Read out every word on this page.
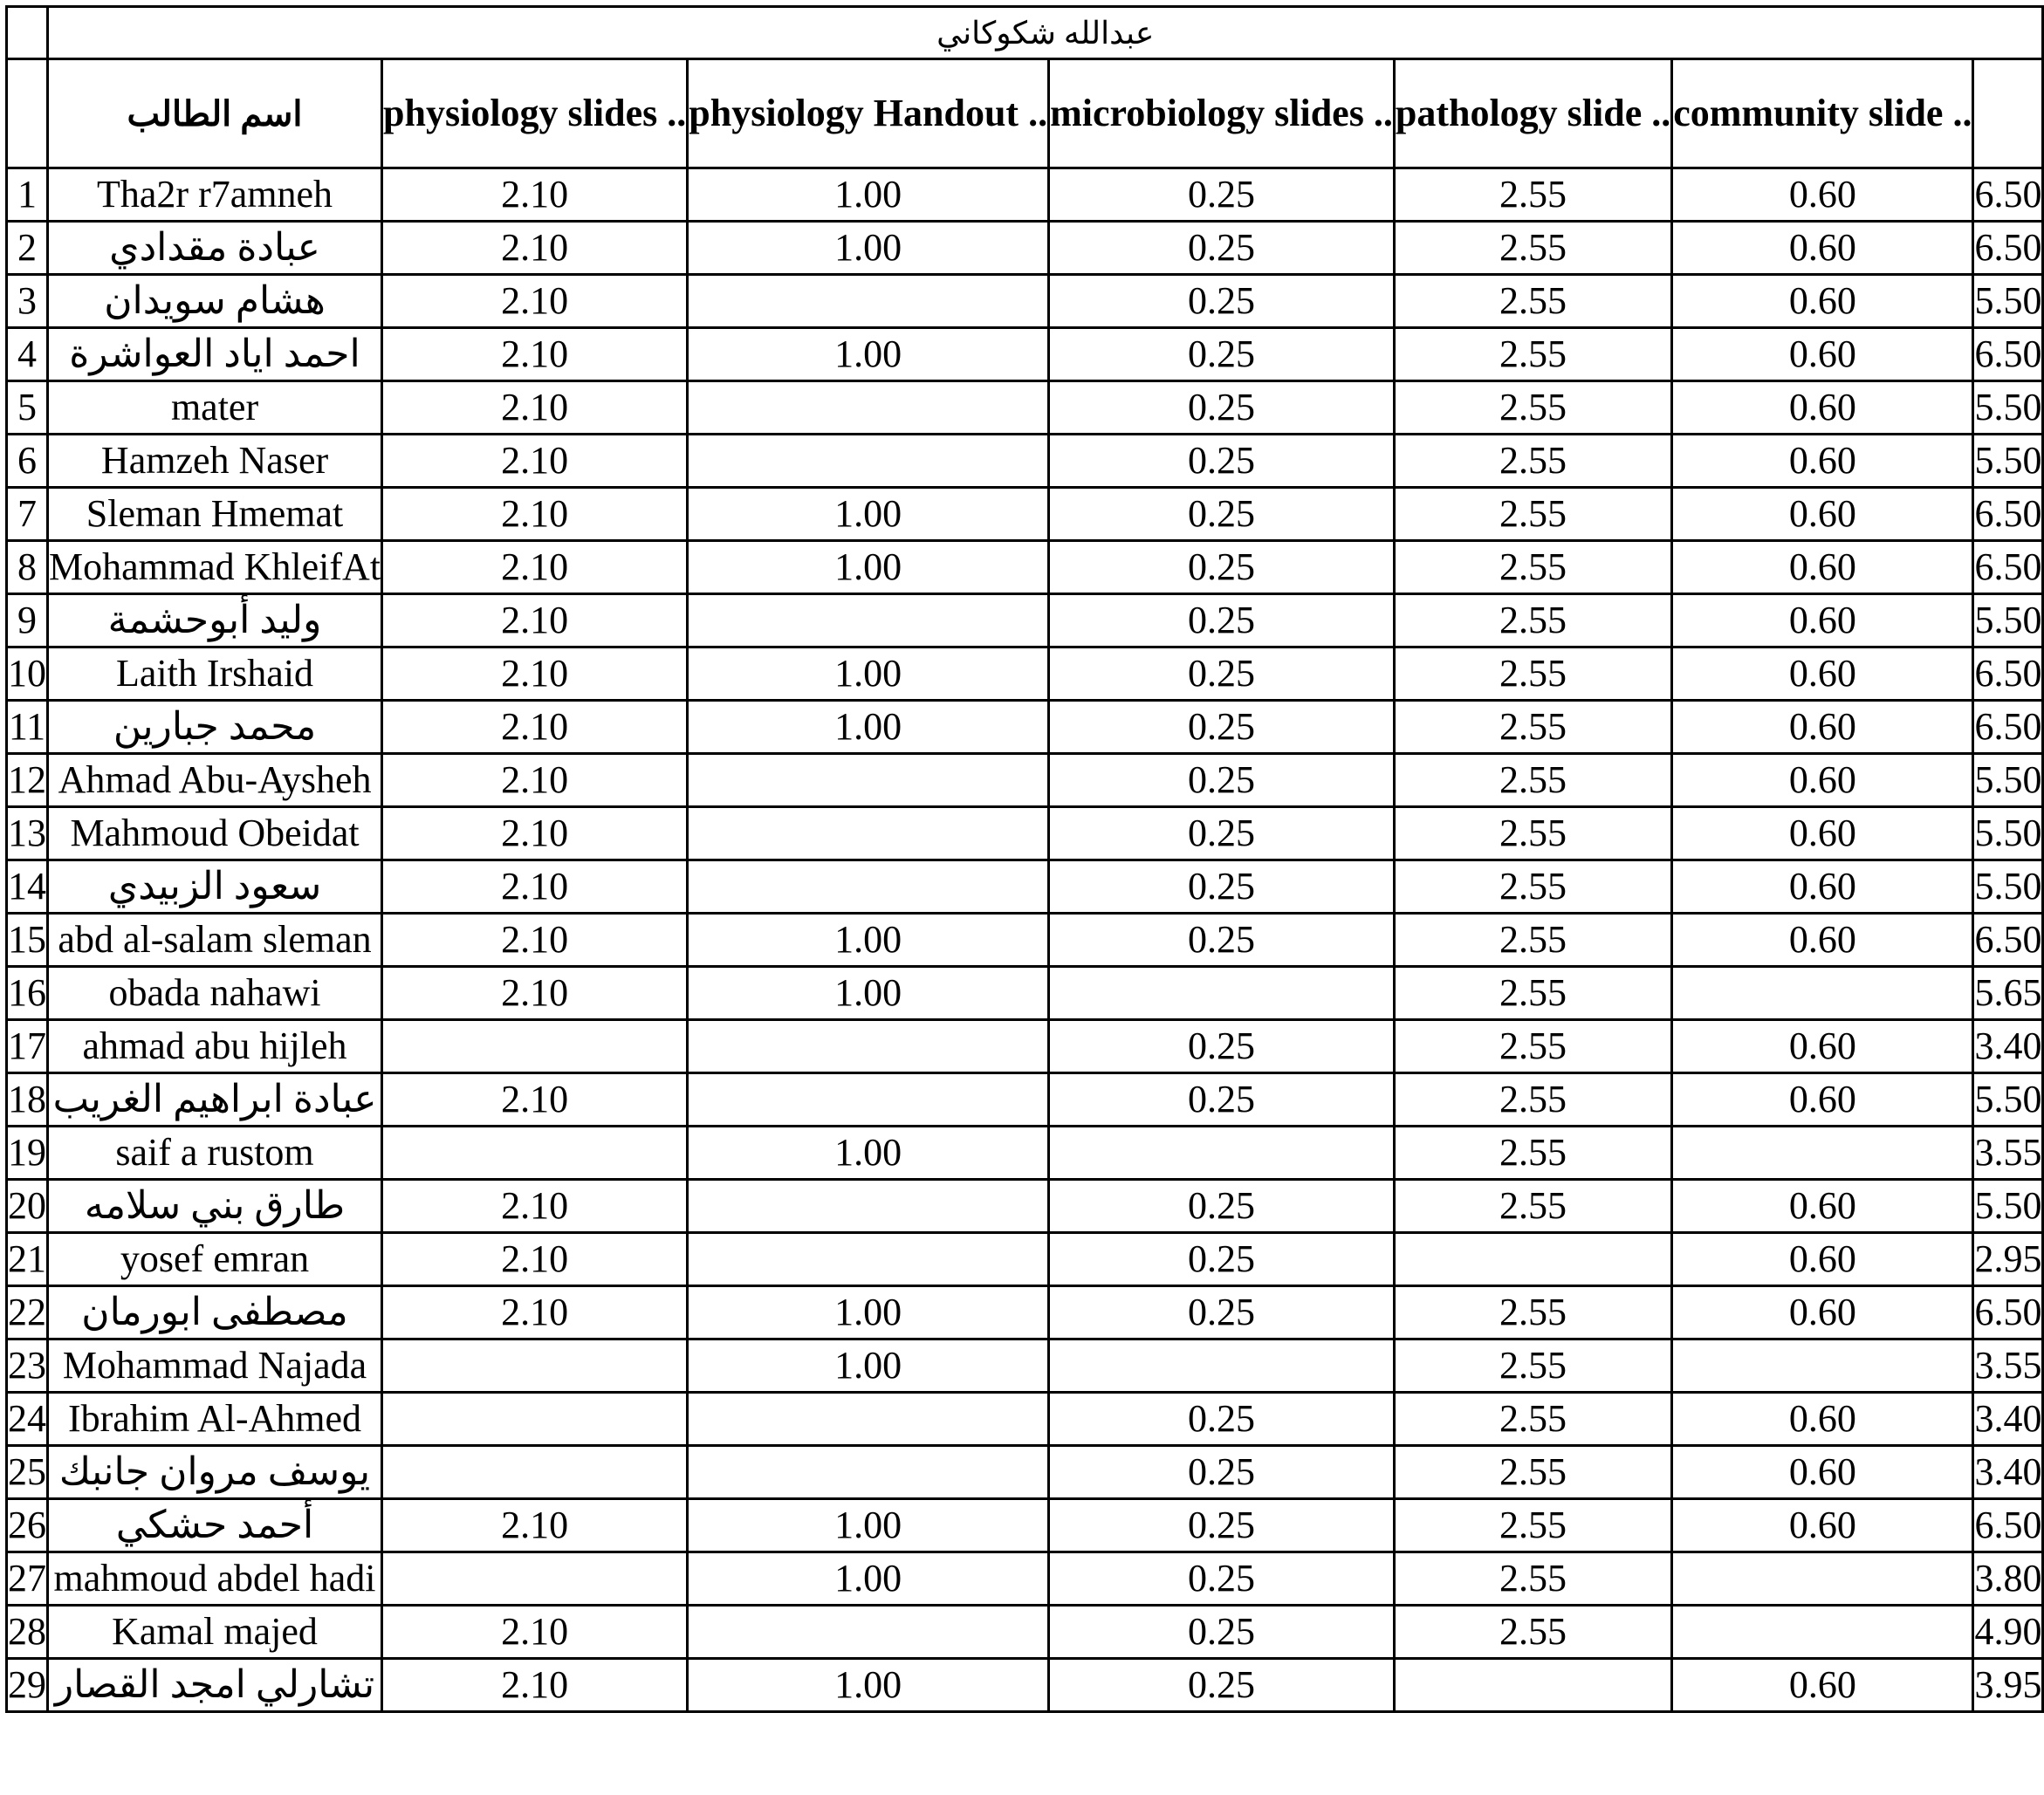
	عبدالله شكوكاني						
	اسم الطالب	physiology slides ..	physiology Handout ..	microbiology slides ..	pathology slide ..	community slide ..	
1	Tha2r r7amneh	2.10	1.00	0.25	2.55	0.60	6.50
2	عبادة مقدادي	2.10	1.00	0.25	2.55	0.60	6.50
3	هشام سويدان	2.10		0.25	2.55	0.60	5.50
4	احمد اياد العواشرة	2.10	1.00	0.25	2.55	0.60	6.50
5	mater	2.10		0.25	2.55	0.60	5.50
6	Hamzeh Naser	2.10		0.25	2.55	0.60	5.50
7	Sleman Hmemat	2.10	1.00	0.25	2.55	0.60	6.50
8	Mohammad KhleifAt	2.10	1.00	0.25	2.55	0.60	6.50
9	وليد أبوحشمة	2.10		0.25	2.55	0.60	5.50
10	Laith Irshaid	2.10	1.00	0.25	2.55	0.60	6.50
11	محمد جبارين	2.10	1.00	0.25	2.55	0.60	6.50
12	Ahmad Abu-Aysheh	2.10		0.25	2.55	0.60	5.50
13	Mahmoud Obeidat	2.10		0.25	2.55	0.60	5.50
14	سعود الزبيدي	2.10		0.25	2.55	0.60	5.50
15	abd al-salam sleman	2.10	1.00	0.25	2.55	0.60	6.50
16	obada nahawi	2.10	1.00		2.55		5.65
17	ahmad abu hijleh			0.25	2.55	0.60	3.40
18	عبادة ابراهيم الغريب	2.10		0.25	2.55	0.60	5.50
19	saif a rustom		1.00		2.55		3.55
20	طارق بني سلامه	2.10		0.25	2.55	0.60	5.50
21	yosef emran	2.10		0.25		0.60	2.95
22	مصطفى ابورمان	2.10	1.00	0.25	2.55	0.60	6.50
23	Mohammad Najada		1.00		2.55		3.55
24	Ibrahim Al-Ahmed			0.25	2.55	0.60	3.40
25	يوسف مروان جانبك			0.25	2.55	0.60	3.40
26	أحمد حشكي	2.10	1.00	0.25	2.55	0.60	6.50
27	mahmoud abdel hadi		1.00	0.25	2.55		3.80
28	Kamal majed	2.10		0.25	2.55		4.90
29	تشارلي امجد القصار	2.10	1.00	0.25		0.60	3.95
